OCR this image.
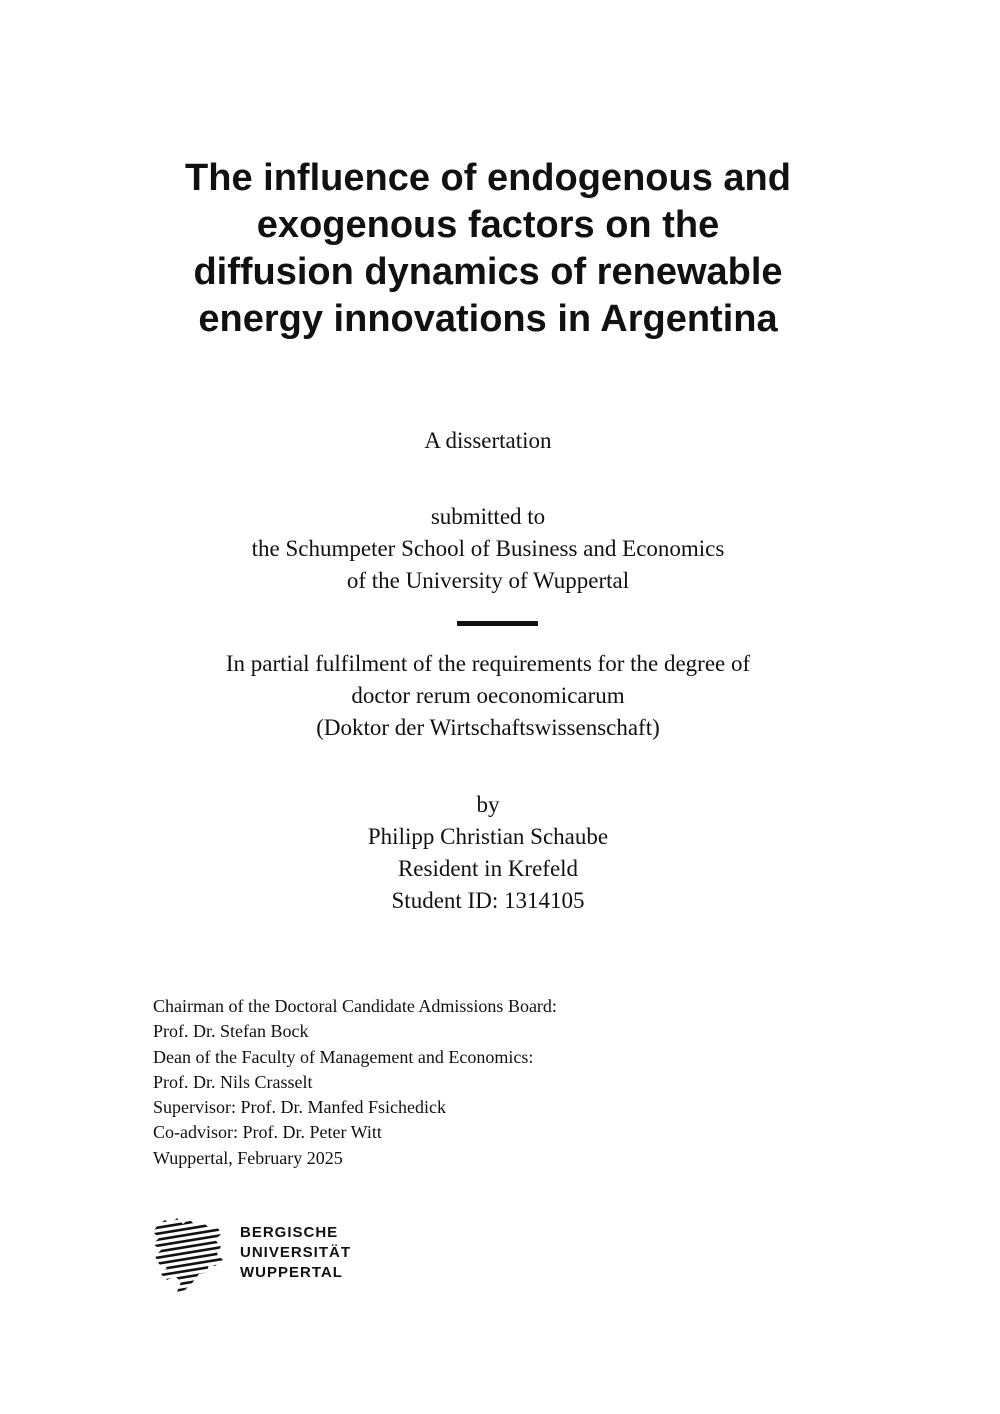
The influence of endogenous and
exogenous factors on the
diffusion dynamics of renewable
energy innovations in Argentina
A dissertation
submitted to
the Schumpeter School of Business and Economics
of the University of Wuppertal
In partial fulfilment of the requirements for the degree of
doctor rerum oeconomicarum
(Doktor der Wirtschaftswissenschaft)
by
Philipp Christian Schaube
Resident in Krefeld
Student ID: 1314105
Chairman of the Doctoral Candidate Admissions Board:
Prof. Dr. Stefan Bock
Dean of the Faculty of Management and Economics:
Prof. Dr. Nils Crasselt
Supervisor: Prof. Dr. Manfed Fsichedick
Co-advisor: Prof. Dr. Peter Witt
Wuppertal, February 2025
BERGISCHE
UNIVERSITÄT
WUPPERTAL
